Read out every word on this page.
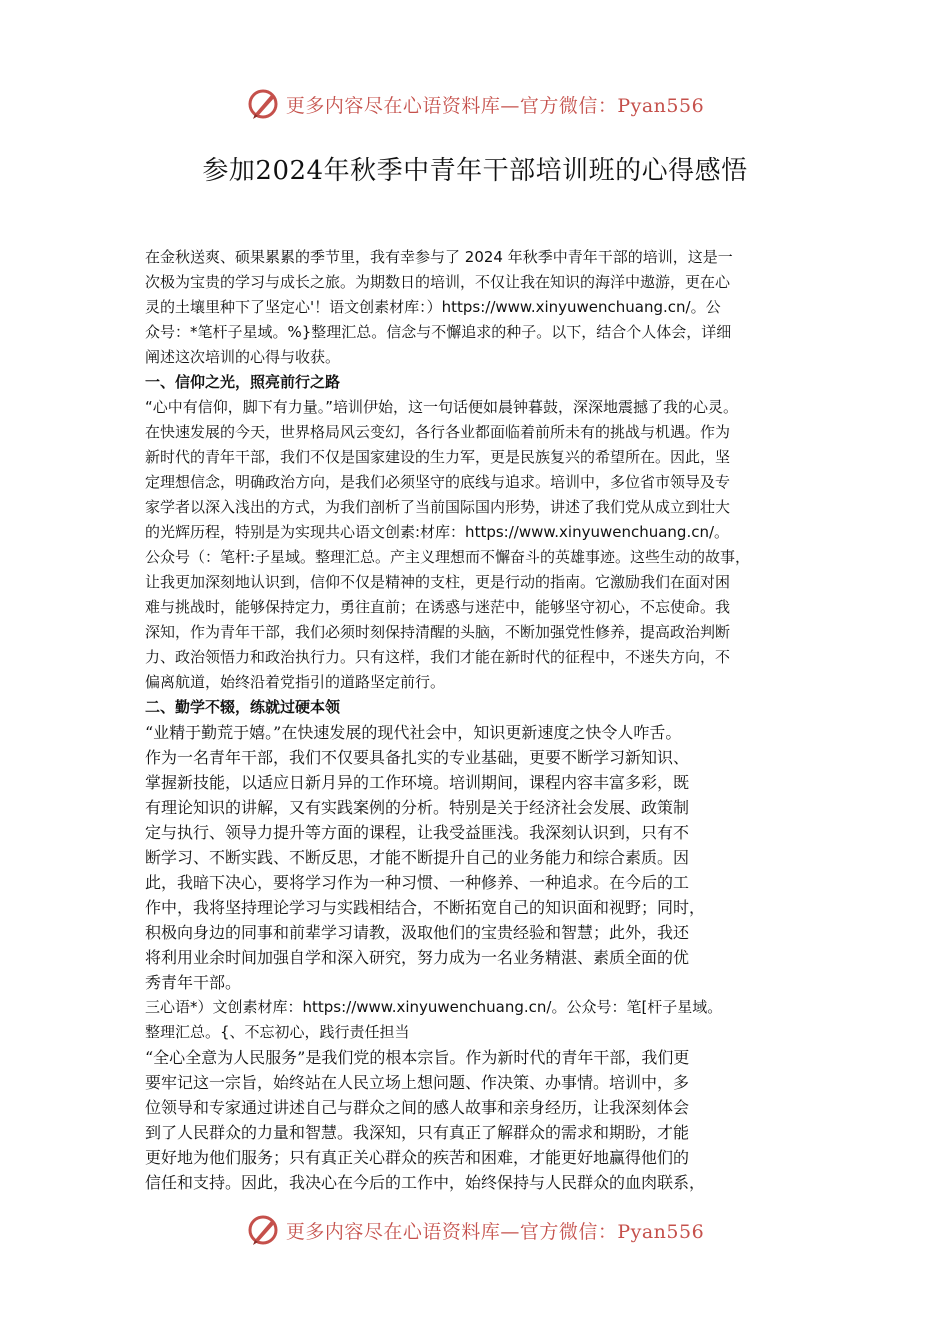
更多内容尽在心语资料库—官方微信：Pyan556
参加2024年秋季中青年干部培训班的心得感悟

在金秋送爽、硕果累累的季节里，我有幸参与了 2024 年秋季中青年干部的培训，这是一

次极为宝贵的学习与成长之旅。为期数日的培训，不仅让我在知识的海洋中遨游，更在心

灵的土壤里种下了坚定心'！语文创素材库：）https://www.xinyuwenchuang.cn/。公

众号：*笔杆子星域。%}整理汇总。信念与不懈追求的种子。以下，结合个人体会，详细

阐述这次培训的心得与收获。

一、信仰之光，照亮前行之路

“心中有信仰，脚下有力量。”培训伊始，这一句话便如晨钟暮鼓，深深地震撼了我的心灵。

在快速发展的今天，世界格局风云变幻，各行各业都面临着前所未有的挑战与机遇。作为

新时代的青年干部，我们不仅是国家建设的生力军，更是民族复兴的希望所在。因此，坚

定理想信念，明确政治方向，是我们必须坚守的底线与追求。培训中，多位省市领导及专

家学者以深入浅出的方式，为我们剖析了当前国际国内形势，讲述了我们党从成立到壮大

的光辉历程，特别是为实现共心语文创素:材库：https://www.xinyuwenchuang.cn/。

公众号（：笔杆:子星域。整理汇总。产主义理想而不懈奋斗的英雄事迹。这些生动的故事，

让我更加深刻地认识到，信仰不仅是精神的支柱，更是行动的指南。它激励我们在面对困

难与挑战时，能够保持定力，勇往直前；在诱惑与迷茫中，能够坚守初心，不忘使命。我

深知，作为青年干部，我们必须时刻保持清醒的头脑，不断加强党性修养，提高政治判断

力、政治领悟力和政治执行力。只有这样，我们才能在新时代的征程中，不迷失方向，不

偏离航道，始终沿着党指引的道路坚定前行。

二、勤学不辍，练就过硬本领

“业精于勤荒于嬉。”在快速发展的现代社会中，知识更新速度之快令人咋舌。

作为一名青年干部，我们不仅要具备扎实的专业基础，更要不断学习新知识、

掌握新技能，以适应日新月异的工作环境。培训期间，课程内容丰富多彩，既

有理论知识的讲解，又有实践案例的分析。特别是关于经济社会发展、政策制

定与执行、领导力提升等方面的课程，让我受益匪浅。我深刻认识到，只有不

断学习、不断实践、不断反思，才能不断提升自己的业务能力和综合素质。因

此，我暗下决心，要将学习作为一种习惯、一种修养、一种追求。在今后的工

作中，我将坚持理论学习与实践相结合，不断拓宽自己的知识面和视野；同时，

积极向身边的同事和前辈学习请教，汲取他们的宝贵经验和智慧；此外，我还

将利用业余时间加强自学和深入研究，努力成为一名业务精湛、素质全面的优

秀青年干部。

三心语*）文创素材库：https://www.xinyuwenchuang.cn/。公众号：笔[杆子星域。

整理汇总。{、不忘初心，践行责任担当

“全心全意为人民服务”是我们党的根本宗旨。作为新时代的青年干部，我们更

要牢记这一宗旨，始终站在人民立场上想问题、作决策、办事情。培训中，多

位领导和专家通过讲述自己与群众之间的感人故事和亲身经历，让我深刻体会

到了人民群众的力量和智慧。我深知，只有真正了解群众的需求和期盼，才能

更好地为他们服务；只有真正关心群众的疾苦和困难，才能更好地赢得他们的

信任和支持。因此，我决心在今后的工作中，始终保持与人民群众的血肉联系，

更多内容尽在心语资料库—官方微信：Pyan556
